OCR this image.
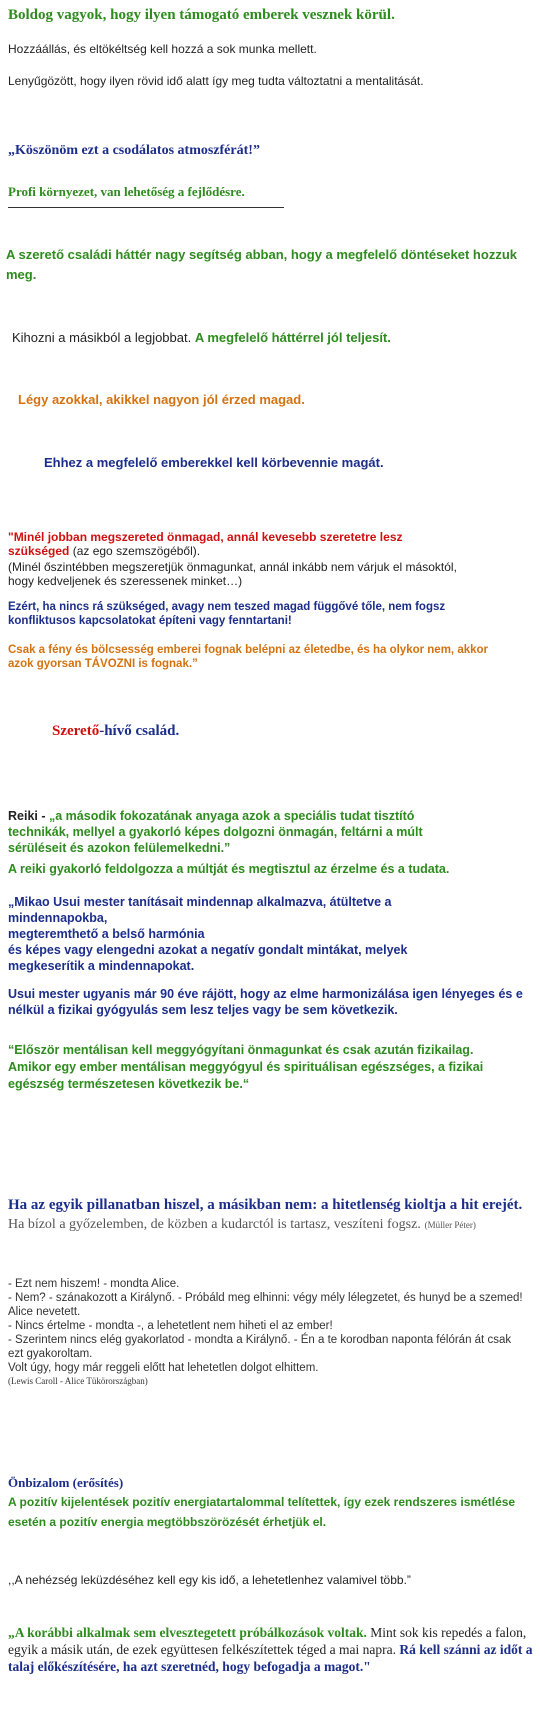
Boldog vagyok, hogy ilyen támogató emberek vesznek körül.

Hozzáállás, és eltökéltség kell hozzá a sok munka mellett.

Lenyűgözött, hogy ilyen rövid idő alatt így meg tudta változtatni a mentalitását.

„Köszönöm ezt a csodálatos atmoszférát!”

Profi környezet, van lehetőség a fejlődésre.

A szerető családi háttér nagy segítség abban, hogy a megfelelő döntéseket hozzuk meg.

Kihozni a másikból a legjobbat. A megfelelő háttérrel jól teljesít.

Légy azokkal, akikkel nagyon jól érzed magad.

Ehhez a megfelelő emberekkel kell körbevennie magát.

"Minél jobban megszereted önmagad, annál kevesebb szeretetre lesz szükséged (az ego szemszögéből).

(Minél őszintébben megszeretjük önmagunkat, annál inkább nem várjuk el másoktól, hogy kedveljenek és szeressenek minket…)

Ezért, ha nincs rá szükséged, avagy nem teszed magad függővé tőle, nem fogsz konfliktusos kapcsolatokat építeni vagy fenntartani!

Csak a fény és bölcsesség emberei fognak belépni az életedbe, és ha olykor nem, akkor azok gyorsan TÁVOZNI is fognak.”

Szerető-hívő család.

Reiki - „a második fokozatának anyaga azok a speciális tudat tisztító technikák, mellyel a gyakorló képes dolgozni önmagán, feltárni a múlt sérüléseit és azokon felülemelkedni.”

A reiki gyakorló feldolgozza a múltját és megtisztul az érzelme és a tudata.

„Mikao Usui mester tanításait mindennap alkalmazva, átültetve a mindennapokba,

megteremthető a belső harmónia

és képes vagy elengedni azokat a negatív gondalt mintákat, melyek megkeserítik a mindennapokat.

Usui mester ugyanis már 90 éve rájött, hogy az elme harmonizálása igen lényeges és e nélkül a fizikai gyógyulás sem lesz teljes vagy be sem következik.

“Először mentálisan kell meggyógyítani önmagunkat és csak azután fizikailag. Amikor egy ember mentálisan meggyógyul és spirituálisan egészséges, a fizikai egészség természetesen következik be.“

Ha az egyik pillanatban hiszel, a másikban nem: a hitetlenség kioltja a hit erejét. Ha bízol a győzelemben, de közben a kudarctól is tartasz, veszíteni fogsz. (Müller Péter)

- Ezt nem hiszem! - mondta Alice.
- Nem? - szánakozott a Királynő. - Próbáld meg elhinni: végy mély lélegzetet, és hunyd be a szemed!
Alice nevetett.
- Nincs értelme - mondta -, a lehetetlent nem hiheti el az ember!
- Szerintem nincs elég gyakorlatod - mondta a Királynő. - Én a te korodban naponta félórán át csak ezt gyakoroltam.
Volt úgy, hogy már reggeli előtt hat lehetetlen dolgot elhittem.
(Lewis Caroll - Alice Tükörországban)

Önbizalom (erősítés)

A pozitív kijelentések pozitív energiatartalommal telítettek, így ezek rendszeres ismétlése esetén a pozitív energia megtöbbszörözését érhetjük el.

,,A nehézség leküzdéséhez kell egy kis idő, a lehetetlenhez valamivel több.”

„A korábbi alkalmak sem elvesztegetett próbálkozások voltak. Mint sok kis repedés a falon, egyik a másik után, de ezek együttesen felkészítettek téged a mai napra. Rá kell szánni az időt a talaj előkészítésére, ha azt szeretnéd, hogy befogadja a magot."
